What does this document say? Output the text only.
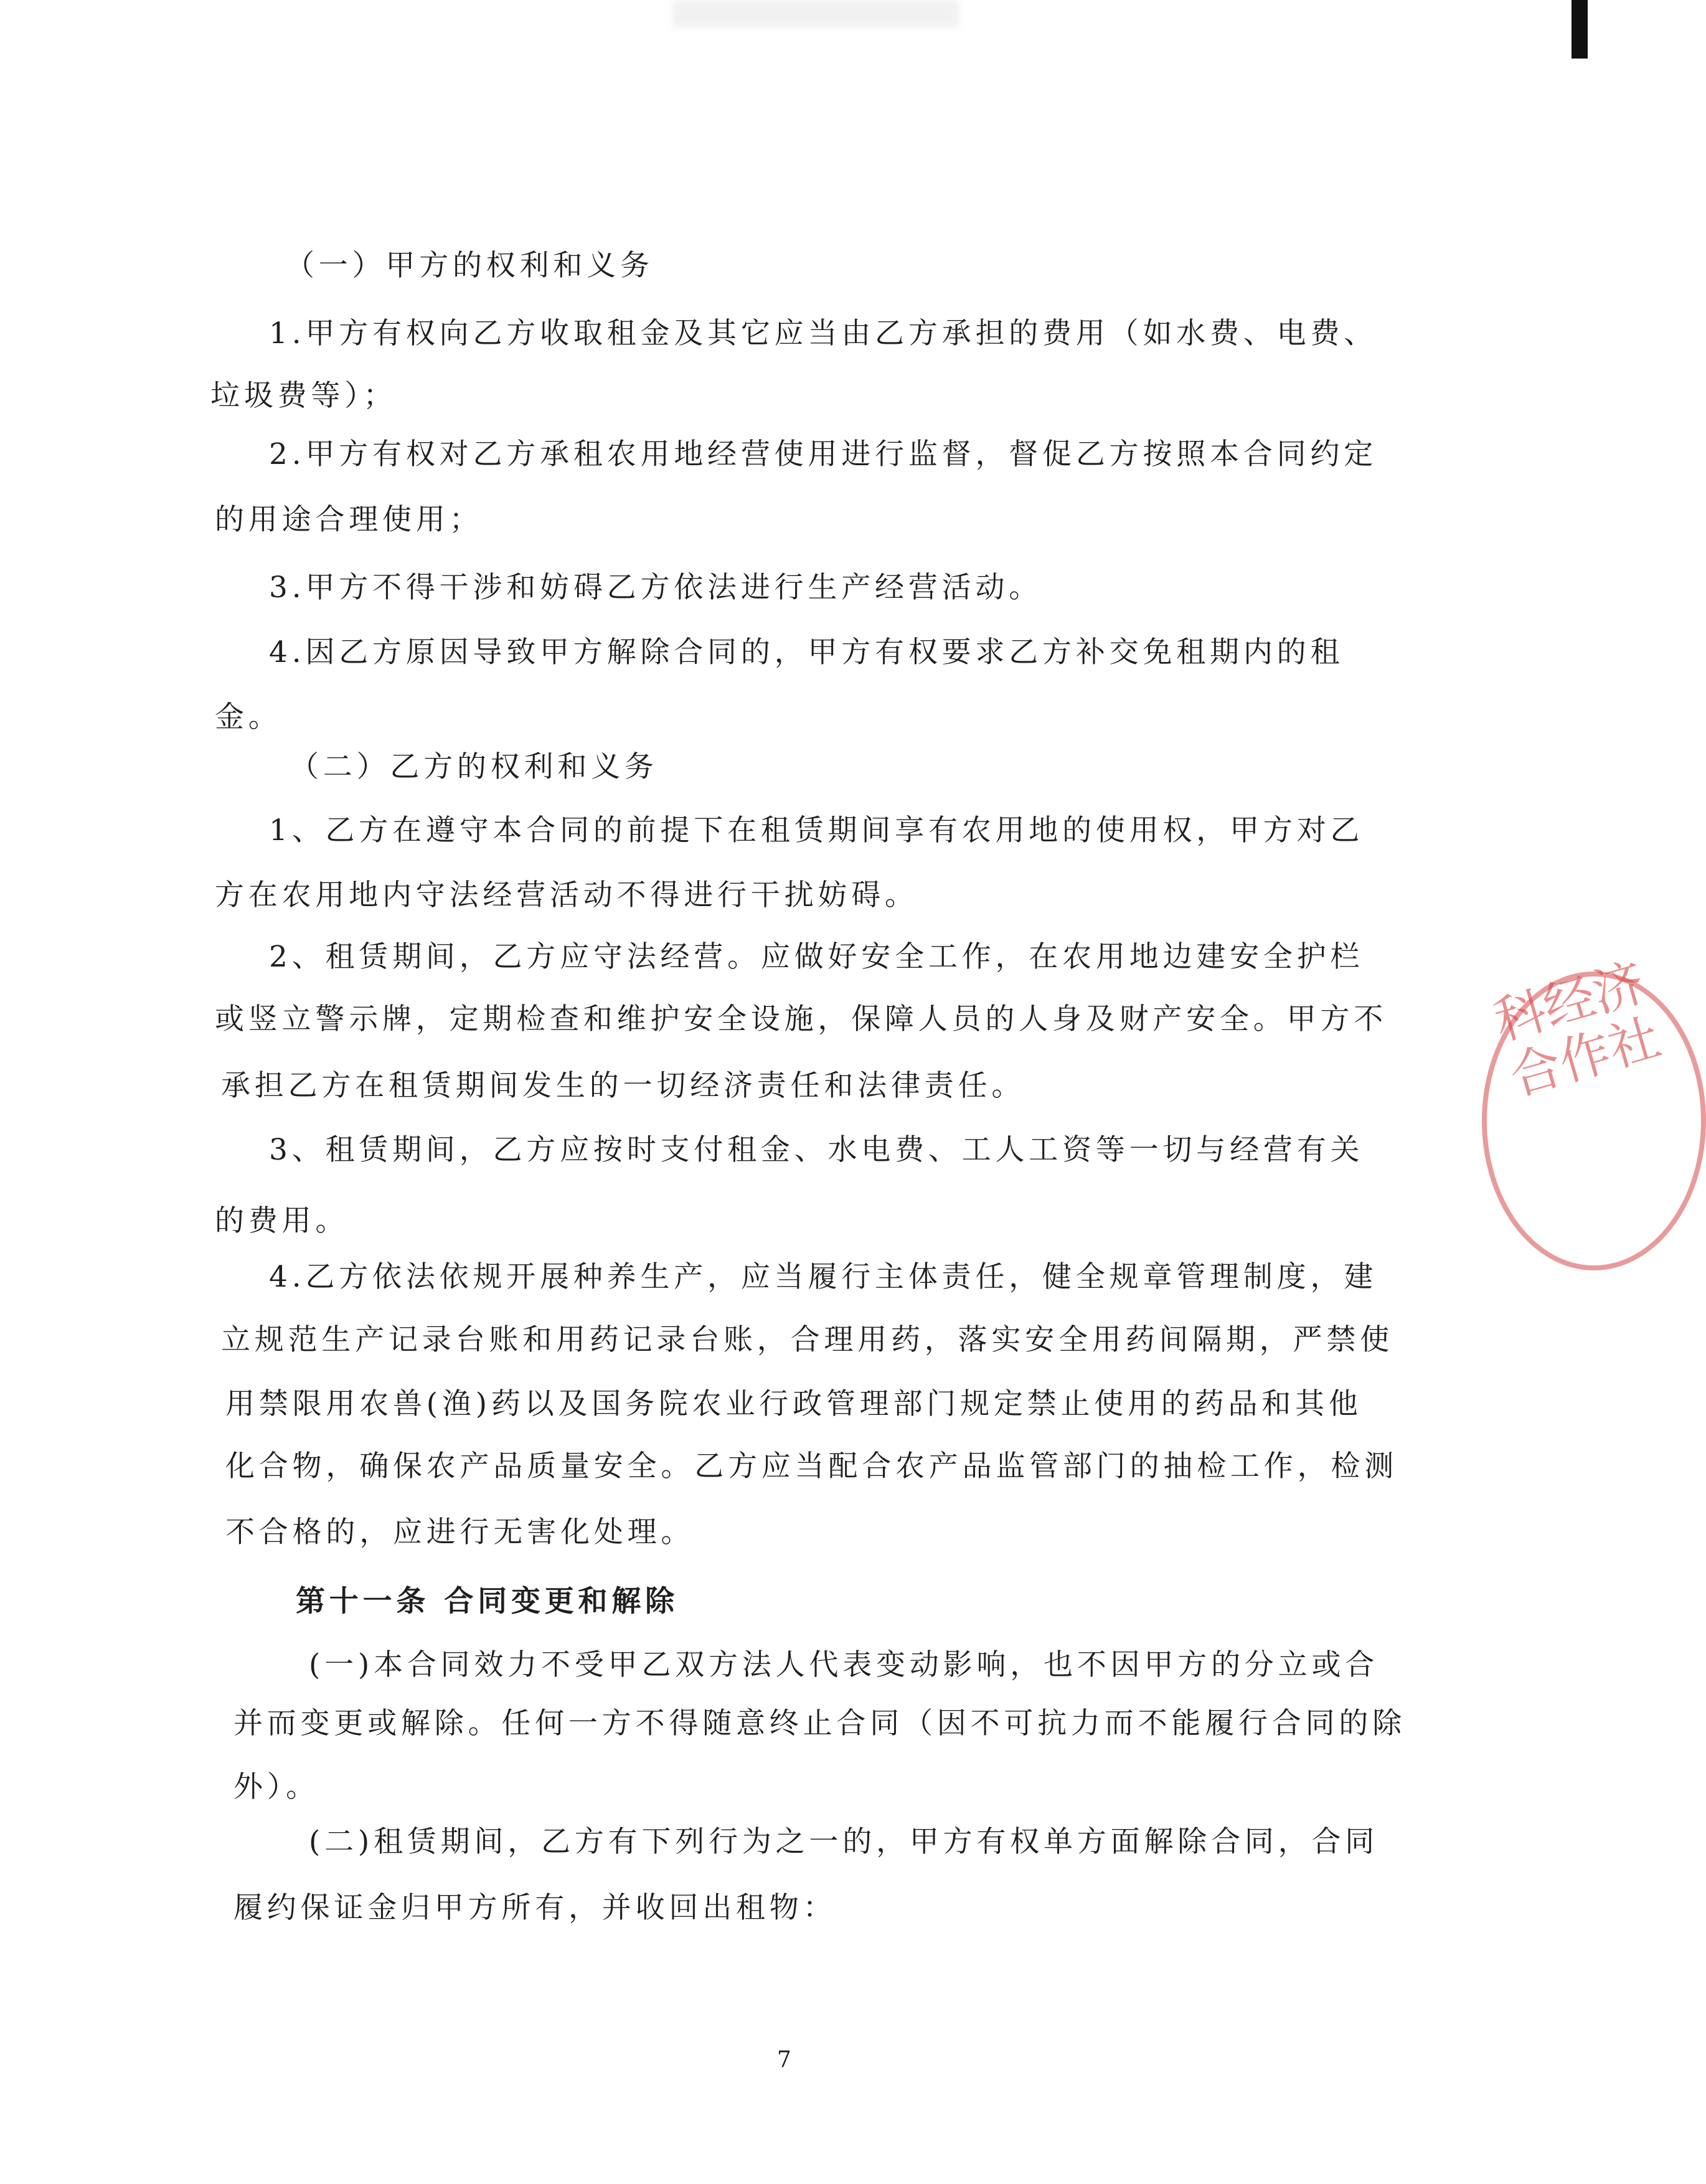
（一）甲方的权利和义务
1.甲方有权向乙方收取租金及其它应当由乙方承担的费用（如水费、电费、
垃圾费等）；
2.甲方有权对乙方承租农用地经营使用进行监督，督促乙方按照本合同约定
的用途合理使用；
3.甲方不得干涉和妨碍乙方依法进行生产经营活动。
4.因乙方原因导致甲方解除合同的，甲方有权要求乙方补交免租期内的租
金。
（二）乙方的权利和义务
1、乙方在遵守本合同的前提下在租赁期间享有农用地的使用权，甲方对乙
方在农用地内守法经营活动不得进行干扰妨碍。
2、租赁期间，乙方应守法经营。应做好安全工作，在农用地边建安全护栏
或竖立警示牌，定期检查和维护安全设施，保障人员的人身及财产安全。甲方不
承担乙方在租赁期间发生的一切经济责任和法律责任。
3、租赁期间，乙方应按时支付租金、水电费、工人工资等一切与经营有关
的费用。
4.乙方依法依规开展种养生产，应当履行主体责任，健全规章管理制度，建
立规范生产记录台账和用药记录台账，合理用药，落实安全用药间隔期，严禁使
用禁限用农兽(渔)药以及国务院农业行政管理部门规定禁止使用的药品和其他
化合物，确保农产品质量安全。乙方应当配合农产品监管部门的抽检工作，检测
不合格的，应进行无害化处理。
第十一条 合同变更和解除
(一)本合同效力不受甲乙双方法人代表变动影响，也不因甲方的分立或合
并而变更或解除。任何一方不得随意终止合同（因不可抗力而不能履行合同的除
外）。
(二)租赁期间，乙方有下列行为之一的，甲方有权单方面解除合同，合同
履约保证金归甲方所有，并收回出租物：
科经济
合作社
7
